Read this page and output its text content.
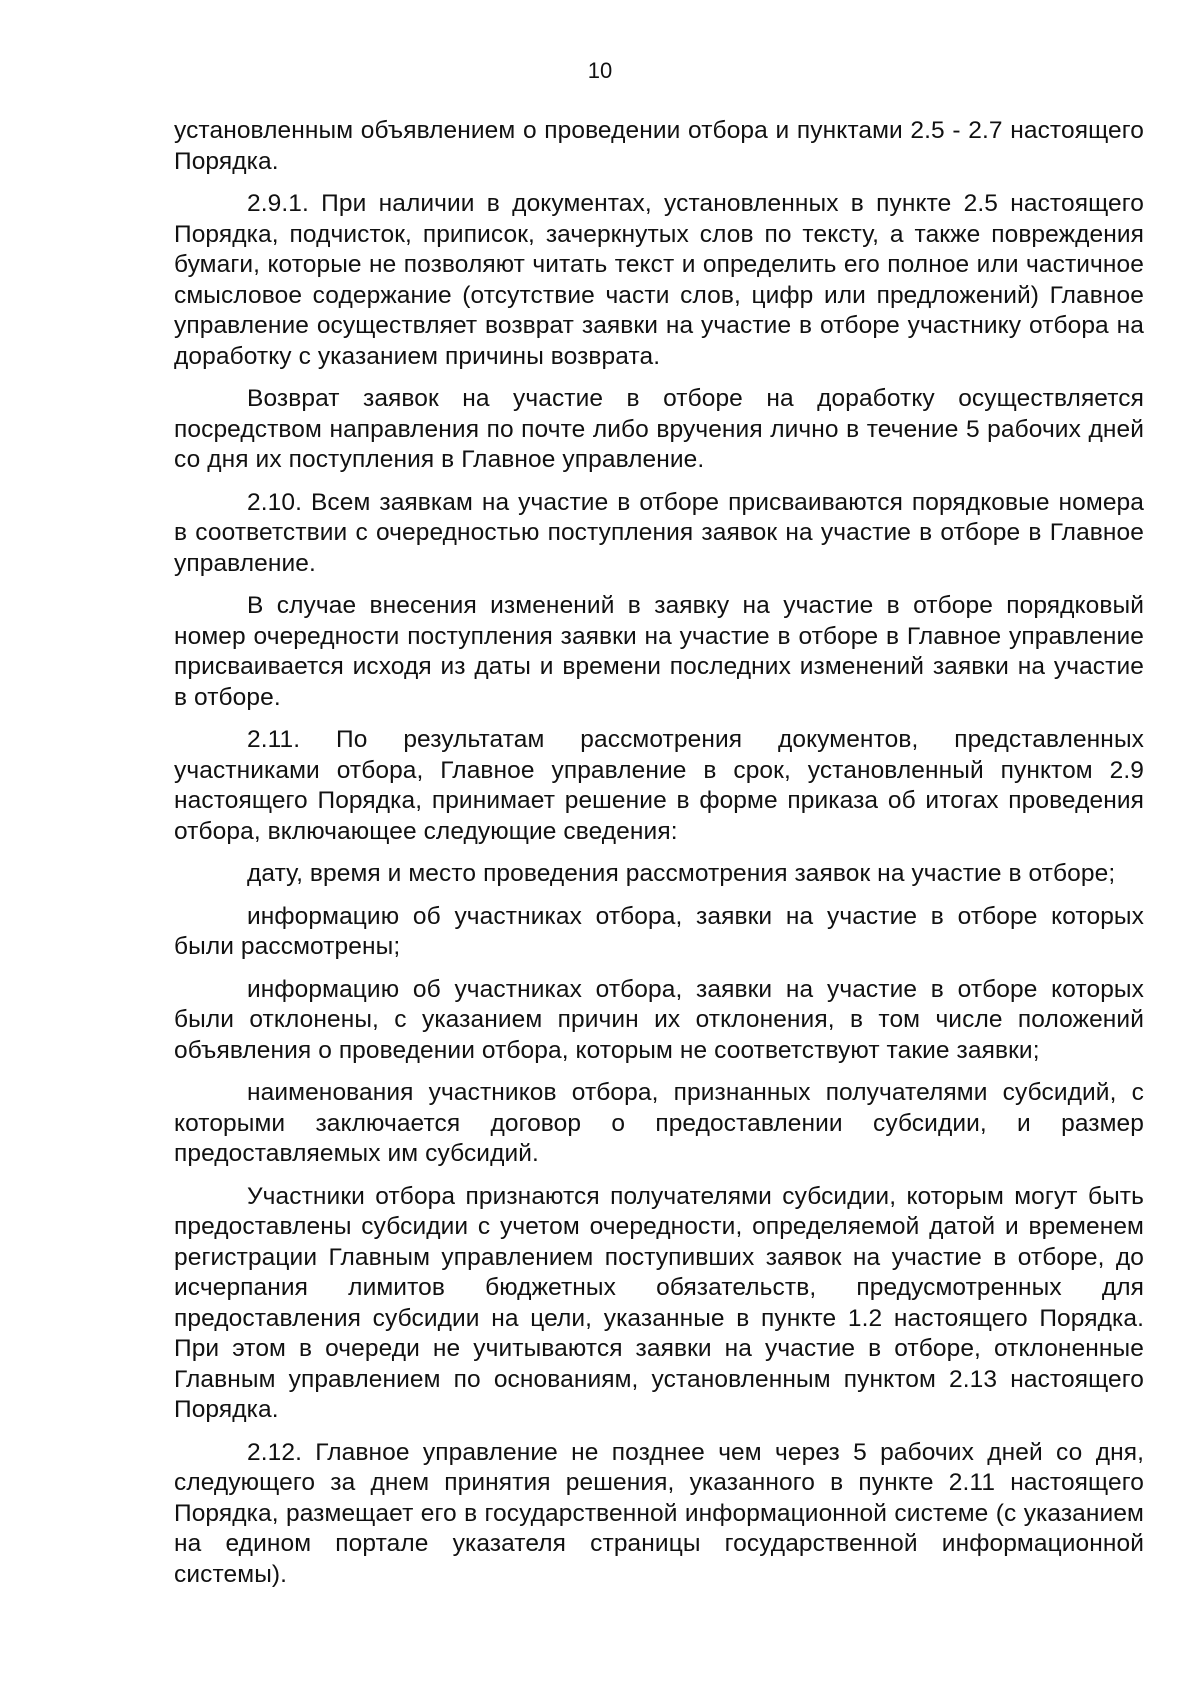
10

установленным объявлением о проведении отбора и пунктами 2.5 - 2.7 настоящего Порядка.

2.9.1. При наличии в документах, установленных в пункте 2.5 настоящего Порядка, подчисток, приписок, зачеркнутых слов по тексту, а также повреждения бумаги, которые не позволяют читать текст и определить его полное или частичное смысловое содержание (отсутствие части слов, цифр или предложений) Главное управление осуществляет возврат заявки на участие в отборе участнику отбора на доработку с указанием причины возврата.

Возврат заявок на участие в отборе на доработку осуществляется посредством направления по почте либо вручения лично в течение 5 рабочих дней со дня их поступления в Главное управление.

2.10. Всем заявкам на участие в отборе присваиваются порядковые номера в соответствии с очередностью поступления заявок на участие в отборе в Главное управление.

В случае внесения изменений в заявку на участие в отборе порядковый номер очередности поступления заявки на участие в отборе в Главное управление присваивается исходя из даты и времени последних изменений заявки на участие в отборе.

2.11. По результатам рассмотрения документов, представленных участниками отбора, Главное управление в срок, установленный пунктом 2.9 настоящего Порядка, принимает решение в форме приказа об итогах проведения отбора, включающее следующие сведения:

дату, время и место проведения рассмотрения заявок на участие в отборе;

информацию об участниках отбора, заявки на участие в отборе которых были рассмотрены;

информацию об участниках отбора, заявки на участие в отборе которых были отклонены, с указанием причин их отклонения, в том числе положений объявления о проведении отбора, которым не соответствуют такие заявки;

наименования участников отбора, признанных получателями субсидий, с которыми заключается договор о предоставлении субсидии, и размер предоставляемых им субсидий.

Участники отбора признаются получателями субсидии, которым могут быть предоставлены субсидии с учетом очередности, определяемой датой и временем регистрации Главным управлением поступивших заявок на участие в отборе, до исчерпания лимитов бюджетных обязательств, предусмотренных для предоставления субсидии на цели, указанные в пункте 1.2 настоящего Порядка. При этом в очереди не учитываются заявки на участие в отборе, отклоненные Главным управлением по основаниям, установленным пунктом 2.13 настоящего Порядка.

2.12. Главное управление не позднее чем через 5 рабочих дней со дня, следующего за днем принятия решения, указанного в пункте 2.11 настоящего Порядка, размещает его в государственной информационной системе (с указанием на едином портале указателя страницы государственной информационной системы).
